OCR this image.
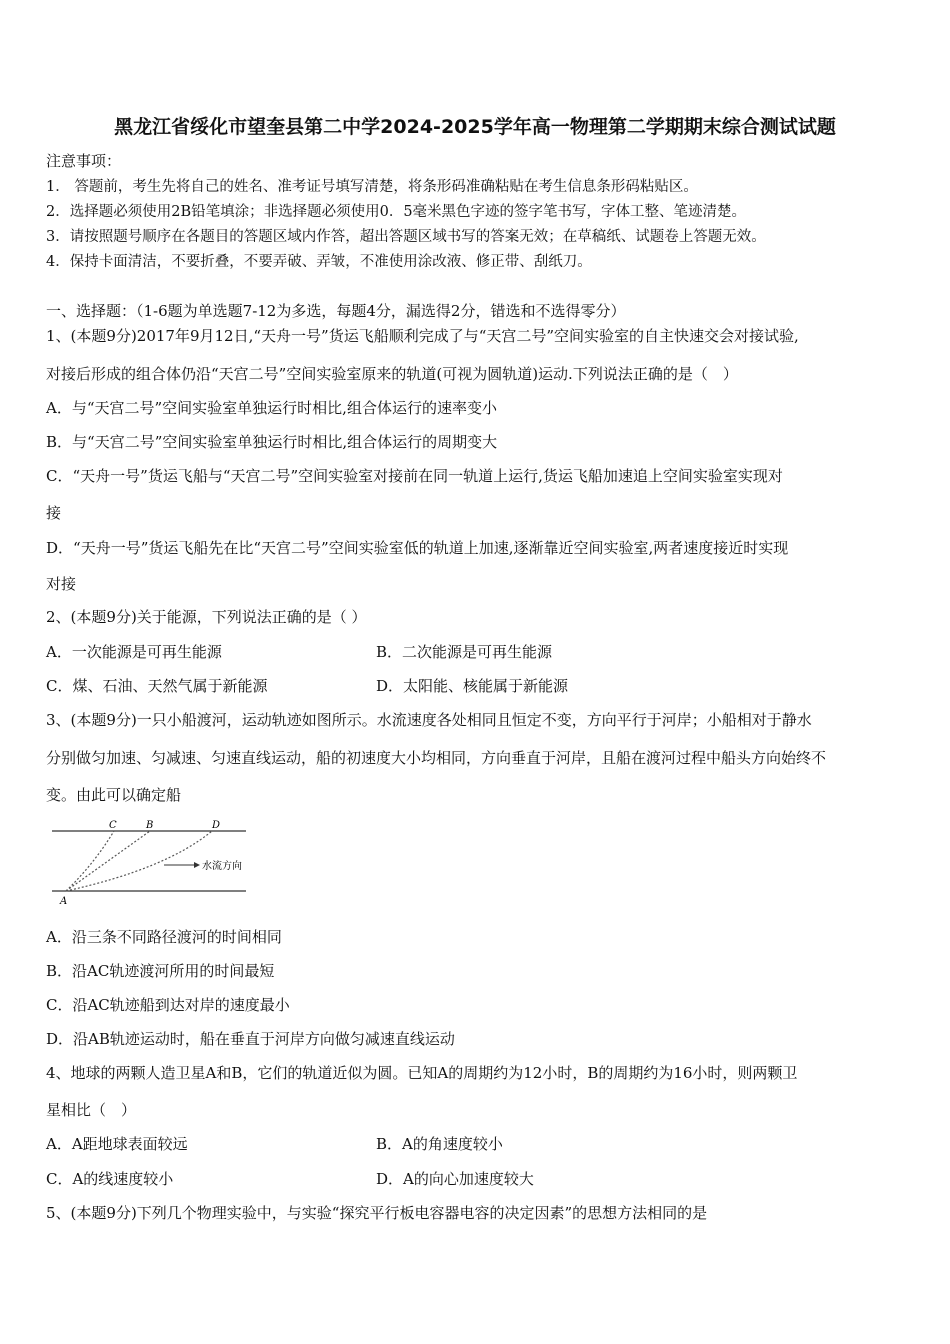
黑龙江省绥化市望奎县第二中学2024-2025学年高一物理第二学期期末综合测试试题
注意事项：
1． 答题前，考生先将自己的姓名、准考证号填写清楚，将条形码准确粘贴在考生信息条形码粘贴区。
2．选择题必须使用2B铅笔填涂；非选择题必须使用0．5毫米黑色字迹的签字笔书写，字体工整、笔迹清楚。
3．请按照题号顺序在各题目的答题区域内作答，超出答题区域书写的答案无效；在草稿纸、试题卷上答题无效。
4．保持卡面清洁，不要折叠，不要弄破、弄皱，不准使用涂改液、修正带、刮纸刀。
一、选择题：（1-6题为单选题7-12为多选，每题4分，漏选得2分，错选和不选得零分）
1、(本题9分)2017年9月12日,“天舟一号”货运飞船顺利完成了与“天宫二号”空间实验室的自主快速交会对接试验,
对接后形成的组合体仍沿“天宫二号”空间实验室原来的轨道(可视为圆轨道)运动.下列说法正确的是（　）
A．与“天宫二号”空间实验室单独运行时相比,组合体运行的速率变小
B．与“天宫二号”空间实验室单独运行时相比,组合体运行的周期变大
C．“天舟一号”货运飞船与“天宫二号”空间实验室对接前在同一轨道上运行,货运飞船加速追上空间实验室实现对
接
D．“天舟一号”货运飞船先在比“天宫二号”空间实验室低的轨道上加速,逐渐靠近空间实验室,两者速度接近时实现
对接
2、(本题9分)关于能源，下列说法正确的是（ ）
A．一次能源是可再生能源	B．二次能源是可再生能源
C．煤、石油、天然气属于新能源	D．太阳能、核能属于新能源
3、(本题9分)一只小船渡河，运动轨迹如图所示。水流速度各处相同且恒定不变，方向平行于河岸；小船相对于静水
分别做匀加速、匀减速、匀速直线运动，船的初速度大小均相同，方向垂直于河岸，且船在渡河过程中船头方向始终不
变。由此可以确定船
C	B	D
A
水流方向
A．沿三条不同路径渡河的时间相同
B．沿AC轨迹渡河所用的时间最短
C．沿AC轨迹船到达对岸的速度最小
D．沿AB轨迹运动时，船在垂直于河岸方向做匀减速直线运动
4、地球的两颗人造卫星A和B，它们的轨道近似为圆。已知A的周期约为12小时，B的周期约为16小时，则两颗卫
星相比（　）
A．A距地球表面较远	B．A的角速度较小
C．A的线速度较小	D．A的向心加速度较大
5、(本题9分)下列几个物理实验中，与实验“探究平行板电容器电容的决定因素”的思想方法相同的是
